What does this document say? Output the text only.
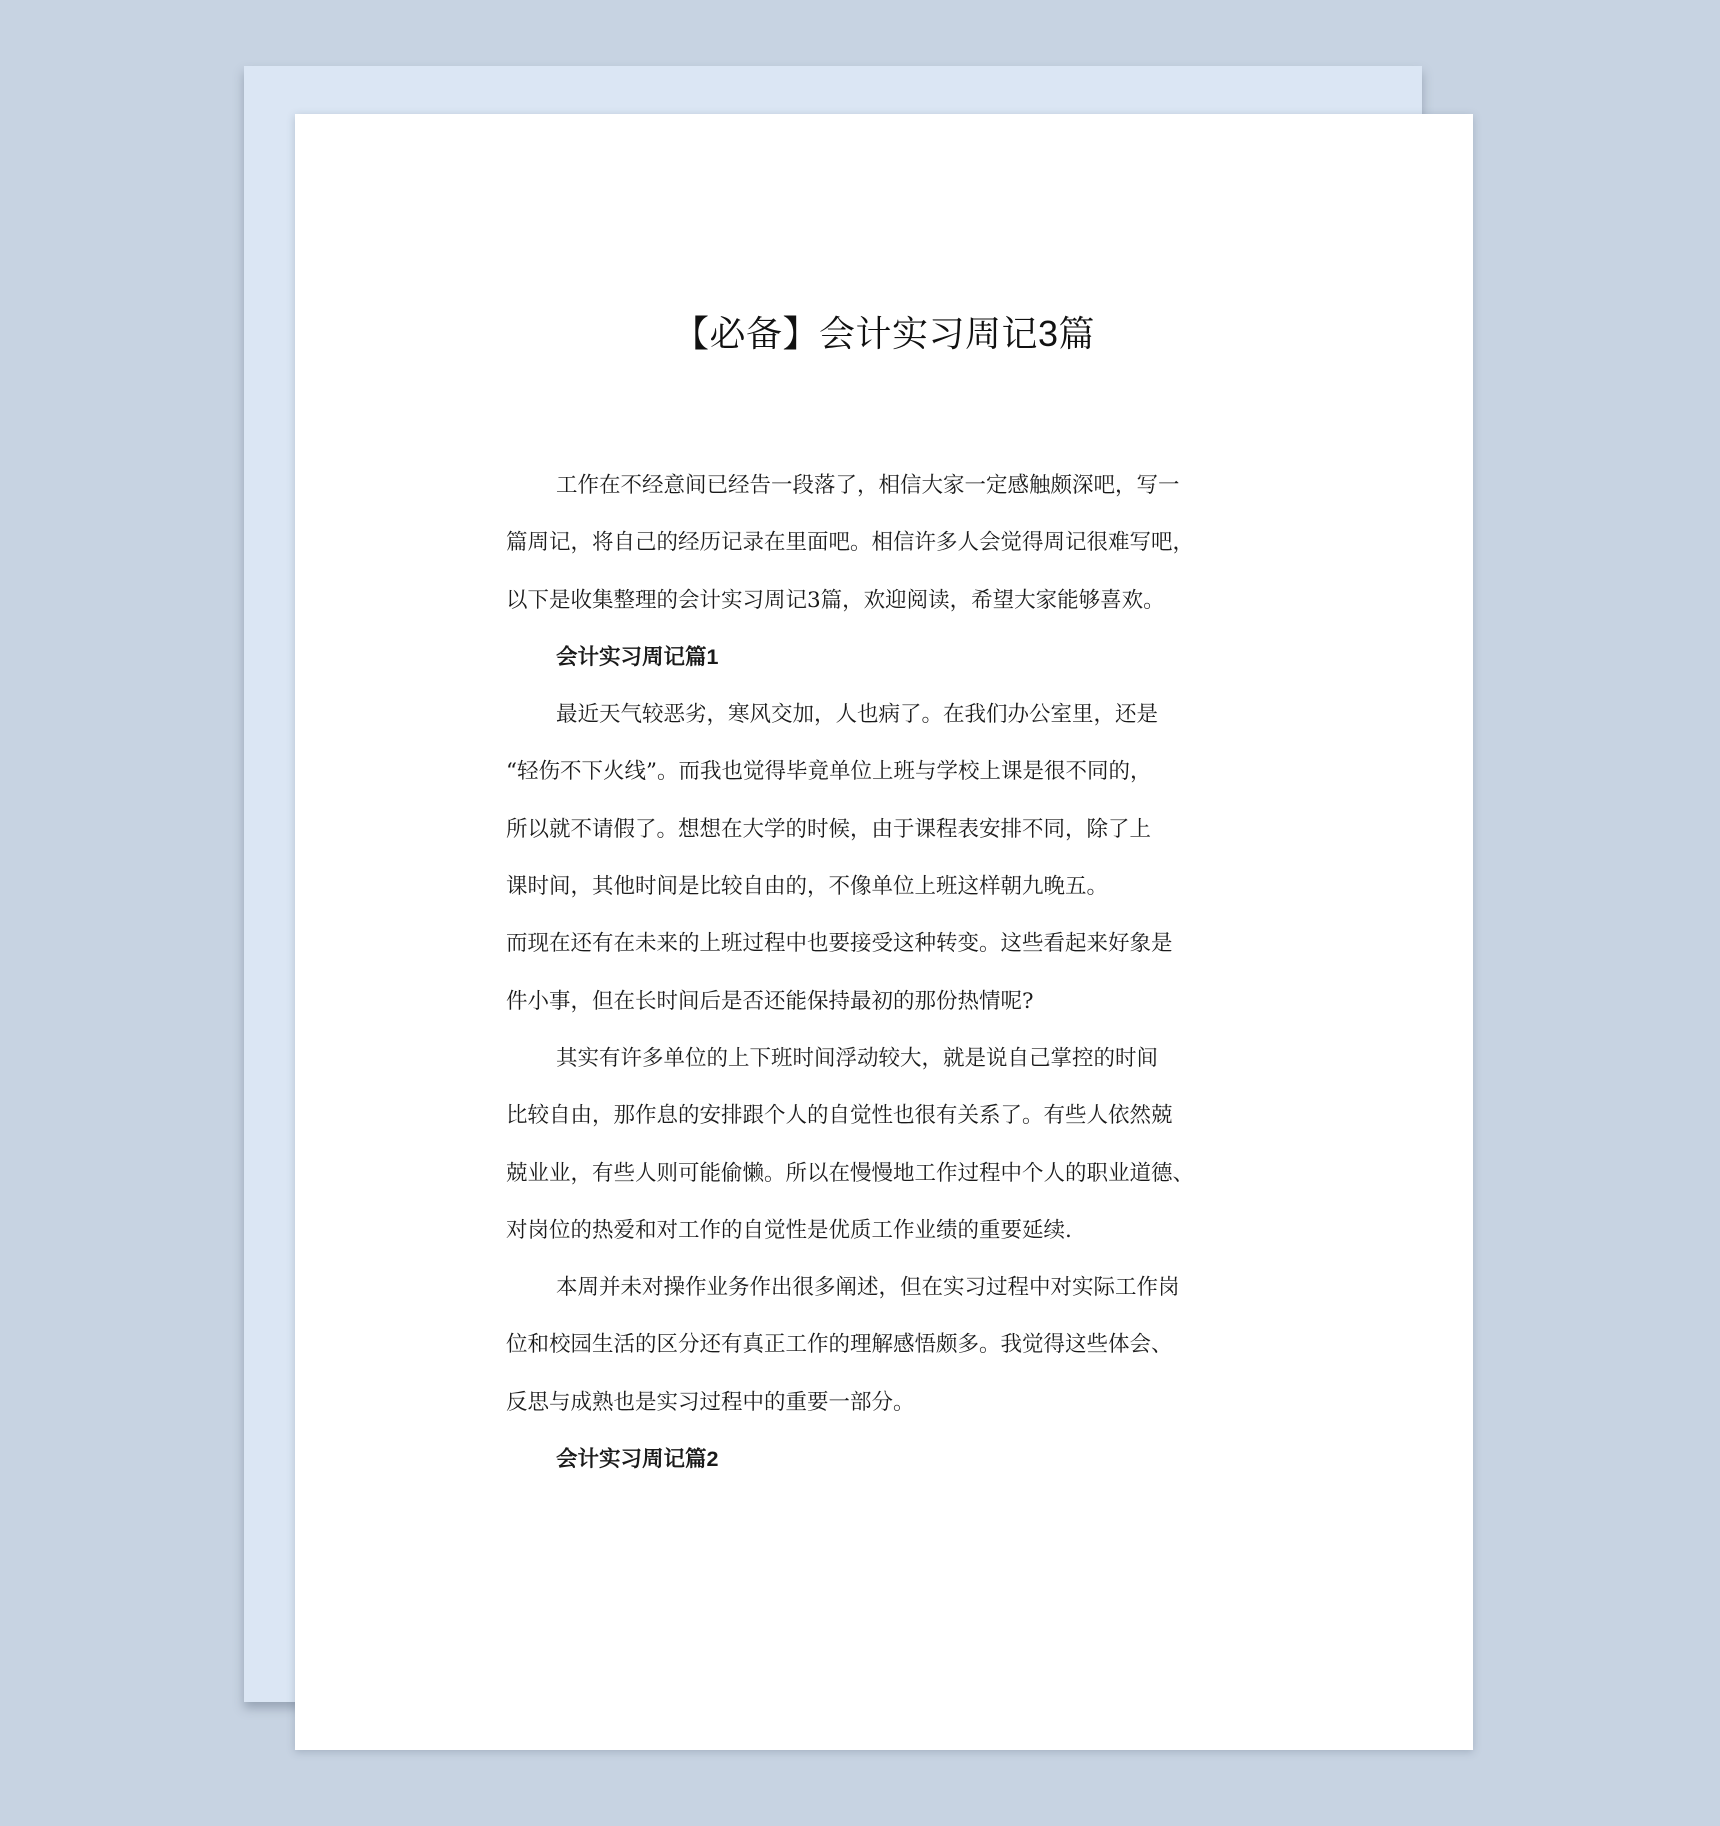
【必备】会计实习周记3篇
工作在不经意间已经告一段落了，相信大家一定感触颇深吧，写一
篇周记，将自己的经历记录在里面吧。相信许多人会觉得周记很难写吧，
以下是收集整理的会计实习周记3篇，欢迎阅读，希望大家能够喜欢。
会计实习周记篇1
最近天气较恶劣，寒风交加，人也病了。在我们办公室里，还是
“轻伤不下火线”。而我也觉得毕竟单位上班与学校上课是很不同的，
所以就不请假了。想想在大学的时候，由于课程表安排不同，除了上
课时间，其他时间是比较自由的，不像单位上班这样朝九晚五。
而现在还有在未来的上班过程中也要接受这种转变。这些看起来好象是
件小事，但在长时间后是否还能保持最初的那份热情呢?
其实有许多单位的上下班时间浮动较大，就是说自己掌控的时间
比较自由，那作息的安排跟个人的自觉性也很有关系了。有些人依然兢
兢业业，有些人则可能偷懒。所以在慢慢地工作过程中个人的职业道德、
对岗位的热爱和对工作的自觉性是优质工作业绩的重要延续.
本周并未对操作业务作出很多阐述，但在实习过程中对实际工作岗
位和校园生活的区分还有真正工作的理解感悟颇多。我觉得这些体会、
反思与成熟也是实习过程中的重要一部分。
会计实习周记篇2
